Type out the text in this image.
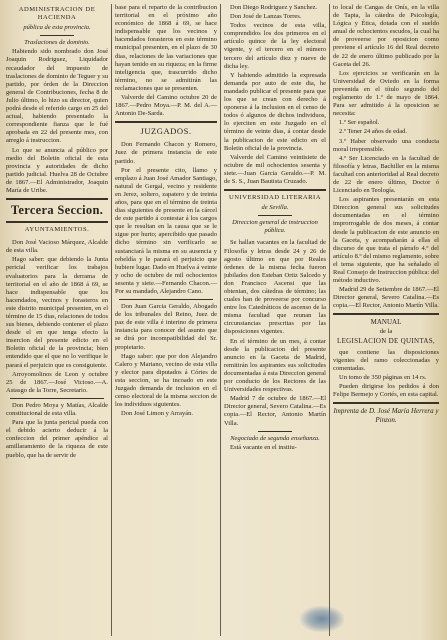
ADMINISTRACION DE HACIENDA
pública de esta provincia.
Traslaciones de dominio.

Habiendo sido nombrado don José Joaquin Rodriguez, Liquidador recaudador del impuesto de traslaciones de dominio de Teguer y su partido, por órden de la Direccion general de Contribuciones, fecha 8 de Julio último, lo hizo su director, quien podrá desde el referido cargo en 25 del actual, habiendo presentado la correspondiente fianza que le fué aprobada en 22 del presente mes, con arreglo á instruccion.

Lo que se anuncia al público por medio del Boletin oficial de esta provincia y autoridades de dicho partido judicial. Huelva 28 de Octubre de 1867.—El Administrador, Joaquin María de Uribe.

Tercera Seccion.
AYUNTAMIENTOS.

Don José Vacioso Márquez, Alcalde de esta villa.

Hago saber: que debiendo la Junta pericial verificar los trabajos evaluatorios para la derrama de territorial en el año de 1868 á 69, se hace indispensable que los hacendados, vecinos y forasteros en este distrito municipal presenten, en el término de 15 dias, relaciones de todos sus bienes, debiendo contener el plazo desde el en que tenga efecto la insercion del presente edicto en el Boletin oficial de la provincia; bien entendido que el que no lo verifique le parará el perjuicio que es consiguiente.

Arroyomolinos de Leon y octubre 25 de 1867.—José Vicioso.—A. Astasgo de la Torre, Secretario.

Don Pedro Moya y Matías, Alcalde constitucional de esta villa.

Para que la junta pericial pueda con el debido acierto deducir á la confeccion del primer apéndice al amillaramiento de la riqueza de este pueblo, que ha de servir de

base para el reparto de la contribucion territorial en el próximo año económico de 1868 á 69, se hace indispensable que los vecinos y hacendados forasteros en este término municipal presenten, en el plazo de 30 dias, relaciones de las variaciones que hayan tenido en su riqueza; en la firme inteligencia que, trascurrido dicho término, no se admitirán las reclamaciones que se presenten.

Valverde del Camino octubre 20 de 1867.—Pedro Moya.—P. M. del A.—Antonio De-Sarda.

JUZGADOS.

Don Fernando Chacon y Romero, Juez de primera instancia de este partido.

Por el presente cito, llamo y emplazo á Juan José Amador Santiago, natural de Gergal, vecino y residente en Jerez, soltero, zapatero y de treinta años, para que en el término de treinta dias siguientes de presente en la cárcel de este partido á contestar á los cargos que le resultan en la causa que se le sigue por hurto; apercibido que pasado dicho término sin verificarlo se sustanciará la misma en su ausencia y rebeldía y le parará el perjuicio que hubiere lugar. Dado en Huelva á veinte y ocho de octubre de mil ochocientos sesenta y siete.—Fernando Chacon.—Por su mandado, Alejandro Cano.

Don Juan Garcia Geraldo, Abogado de los tribunales del Reino, Juez de paz de este villa é interino de primera instancia para conocer del asunto que se dirá por incompatibilidad del Sr. propietario.

Hago saber: que por don Alejandro Calero y Mariano, vecino de esta villa y elector para diputados á Córtes de esta seccion, se ha incoado en este Juzgado demanda de inclusion en el censo electoral de la misma seccion de los individuos siguientes.

Don José Limon y Arrayán.

Don Diego Rodriguez y Sanchez.

Don José de Lanzas Torres.

Todos vecinos de esta villa, comprendidos los dos primeros en el artículo quince de la ley electoral vigente, y el tercero en el número tercero del artículo diez y nueve de dicha ley.

Y habiendo admitido la expresada demanda por auto de este dia, he mandado publicar el presente para que los que se crean con derecho á oponerse á la inclusion en el censo de todos ó algunos de dichos individuos, lo ejerciten en este Juzgado en el término de veinte dias, á contar desde la publicacion de este edicto en el Boletin oficial de la provincia.

Valverde del Camino veintisiete de octubre de mil ochocientos sesenta y siete.—Juan Garcia Geraldo.—P. M. de S. S., Juan Bautista Cruzado.

UNIVERSIDAD LITERARIA
de Sevilla.
Direccion general de instruccion pública.

Se hallan vacantes en la facultad de Filosofía y letras desde 24 y 26 de agosto último en que por Reales órdenes de la misma fecha fueron jubilados don Esteban Ortiz Salcedo y don Francisco Ascensi que las obtenian, dos cátedras de término; las cuales han de proveerse por concurso entre los Catedráticos de ascenso de la misma facultad que reunan las circunstancias prescritas por las disposiciones vigentes.

En el término de un mes, á contar desde la publicacion del presente anuncio en la Gaceta de Madrid, remitirán los aspirantes sus solicitudes documentadas á esta Direccion general por conducto de los Rectores de las Universidades respectivas.

Madrid 7 de octubre de 1867.—El Director general, Severo Catalina.—Es copia.—El Rector, Antonio Martín Villa.

Negociado de segunda enseñanza.

Está vacante en el institu-

to local de Cangas de Onís, en la villa de Tapia, la cátedra de Psicología, Lógica y Ética, dotada con el sueldo anual de ochocientos escudos, la cual ha de proveerse por oposicion como previene el artículo 16 del Real decreto de 22 de enero último publicado por la Gaceta del 26.

Los ejercicios se verificarán en la Universidad de Oviedo en la forma prevenida en el título segundo del reglamento de 1.º de mayo de 1864. Para ser admitido á la oposicion se necesita:

1.º Ser español.

2.º Tener 24 años de edad.

3.º Haber observado una conducta moral irreprensible.

4.º Ser Licenciado en la facultad de filosofía y letras, Bachiller en la misma facultad con anterioridad al Real decreto de 22 de enero último, Doctor ó Licenciado en Teología.

Los aspirantes presentarán en esta Direccion general sus solicitudes documentadas en el término improrrogable de dos meses, á contar desde la publicacion de este anuncio en la Gaceta, y acompañarán á ellas el discurso de que trata el párrafo 4.º del artículo 8.º del mismo reglamento, sobre el tema siguiente, que ha señalado el Real Consejo de Instruccion pública: del método inductivo.

Madrid 29 de Setiembre de 1867.—El Director general, Severo Catalina.—Es copia.—El Rector, Antonio Martín Villa.

MANUAL
de la
LEGISLACION DE QUINTAS,

que contiene las disposiciones vigentes del ramo coleccionadas y comentadas.

Un tomo de 350 páginas en 14 rs.

Pueden dirigirse los pedidos á don Felipe Bermejo y Cortés, en esta capital.

Imprenta de D. José María Herrera y Pinzon.
